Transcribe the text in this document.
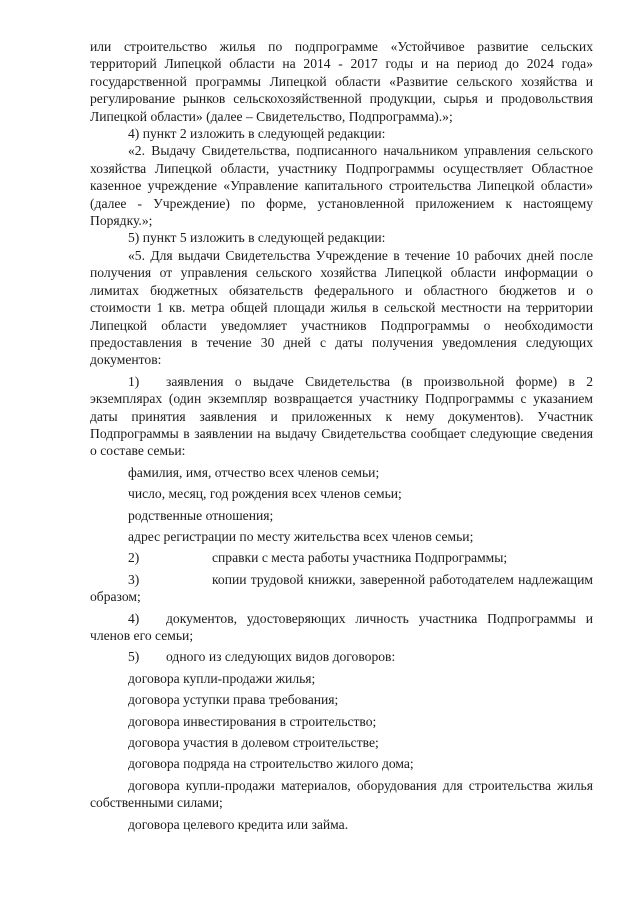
или строительство жилья по подпрограмме «Устойчивое развитие сельских территорий Липецкой области на 2014 - 2017 годы и на период до 2024 года» государственной программы Липецкой области «Развитие сельского хозяйства и регулирование рынков сельскохозяйственной продукции, сырья и продовольствия Липецкой области» (далее – Свидетельство, Подпрограмма).»;

4) пункт 2 изложить в следующей редакции:

«2. Выдачу Свидетельства, подписанного начальником управления сельского хозяйства Липецкой области, участнику Подпрограммы осуществляет Областное казенное учреждение «Управление капитального строительства Липецкой области» (далее - Учреждение) по форме, установленной приложением к настоящему Порядку.»;

5) пункт 5 изложить в следующей редакции:

«5. Для выдачи Свидетельства Учреждение в течение 10 рабочих дней после получения от управления сельского хозяйства Липецкой области информации о лимитах бюджетных обязательств федерального и областного бюджетов и о стоимости 1 кв. метра общей площади жилья в сельской местности на территории Липецкой области уведомляет участников Подпрограммы о необходимости предоставления в течение 30 дней с даты получения уведомления следующих документов:

1) заявления о выдаче Свидетельства (в произвольной форме) в 2 экземплярах (один экземпляр возвращается участнику Подпрограммы с указанием даты принятия заявления и приложенных к нему документов). Участник Подпрограммы в заявлении на выдачу Свидетельства сообщает следующие сведения о составе семьи:

фамилия, имя, отчество всех членов семьи;

число, месяц, год рождения всех членов семьи;

родственные отношения;

адрес регистрации по месту жительства всех членов семьи;

2)	справки с места работы участника Подпрограммы;

3)	копии трудовой книжки, заверенной работодателем надлежащим образом;

4) документов, удостоверяющих личность участника Подпрограммы и членов его семьи;

5) одного из следующих видов договоров:

договора купли-продажи жилья;

договора уступки права требования;

договора инвестирования в строительство;

договора участия в долевом строительстве;

договора подряда на строительство жилого дома;

договора купли-продажи материалов, оборудования для строительства жилья собственными силами;

договора целевого кредита или займа.
